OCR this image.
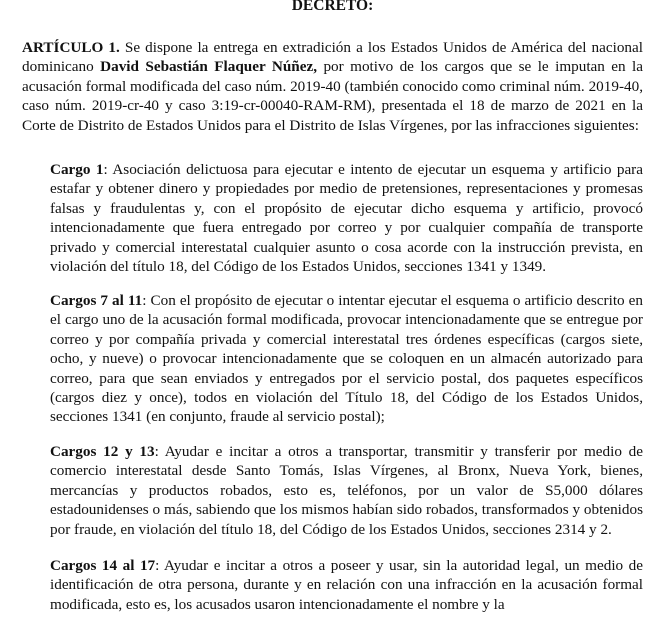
DECRETO:

ARTÍCULO 1. Se dispone la entrega en extradición a los Estados Unidos de América del nacional dominicano David Sebastián Flaquer Núñez, por motivo de los cargos que se le imputan en la acusación formal modificada del caso núm. 2019-40 (también conocido como criminal núm. 2019-40, caso núm. 2019-cr-40 y caso 3:19-cr-00040-RAM-RM), presentada el 18 de marzo de 2021 en la Corte de Distrito de Estados Unidos para el Distrito de Islas Vírgenes, por las infracciones siguientes:

Cargo 1: Asociación delictuosa para ejecutar e intento de ejecutar un esquema y artificio para estafar y obtener dinero y propiedades por medio de pretensiones, representaciones y promesas falsas y fraudulentas y, con el propósito de ejecutar dicho esquema y artificio, provocó intencionadamente que fuera entregado por correo y por cualquier compañía de transporte privado y comercial interestatal cualquier asunto o cosa acorde con la instrucción prevista, en violación del título 18, del Código de los Estados Unidos, secciones 1341 y 1349.

Cargos 7 al 11: Con el propósito de ejecutar o intentar ejecutar el esquema o artificio descrito en el cargo uno de la acusación formal modificada, provocar intencionadamente que se entregue por correo y por compañía privada y comercial interestatal tres órdenes específicas (cargos siete, ocho, y nueve) o provocar intencionadamente que se coloquen en un almacén autorizado para correo, para que sean enviados y entregados por el servicio postal, dos paquetes específicos (cargos diez y once), todos en violación del Título 18, del Código de los Estados Unidos, secciones 1341 (en conjunto, fraude al servicio postal);

Cargos 12 y 13: Ayudar e incitar a otros a transportar, transmitir y transferir por medio de comercio interestatal desde Santo Tomás, Islas Vírgenes, al Bronx, Nueva York, bienes, mercancías y productos robados, esto es, teléfonos, por un valor de S5,000 dólares estadounidenses o más, sabiendo que los mismos habían sido robados, transformados y obtenidos por fraude, en violación del título 18, del Código de los Estados Unidos, secciones 2314 y 2.

Cargos 14 al 17: Ayudar e incitar a otros a poseer y usar, sin la autoridad legal, un medio de identificación de otra persona, durante y en relación con una infracción en la acusación formal modificada, esto es, los acusados usaron intencionadamente el nombre y la
